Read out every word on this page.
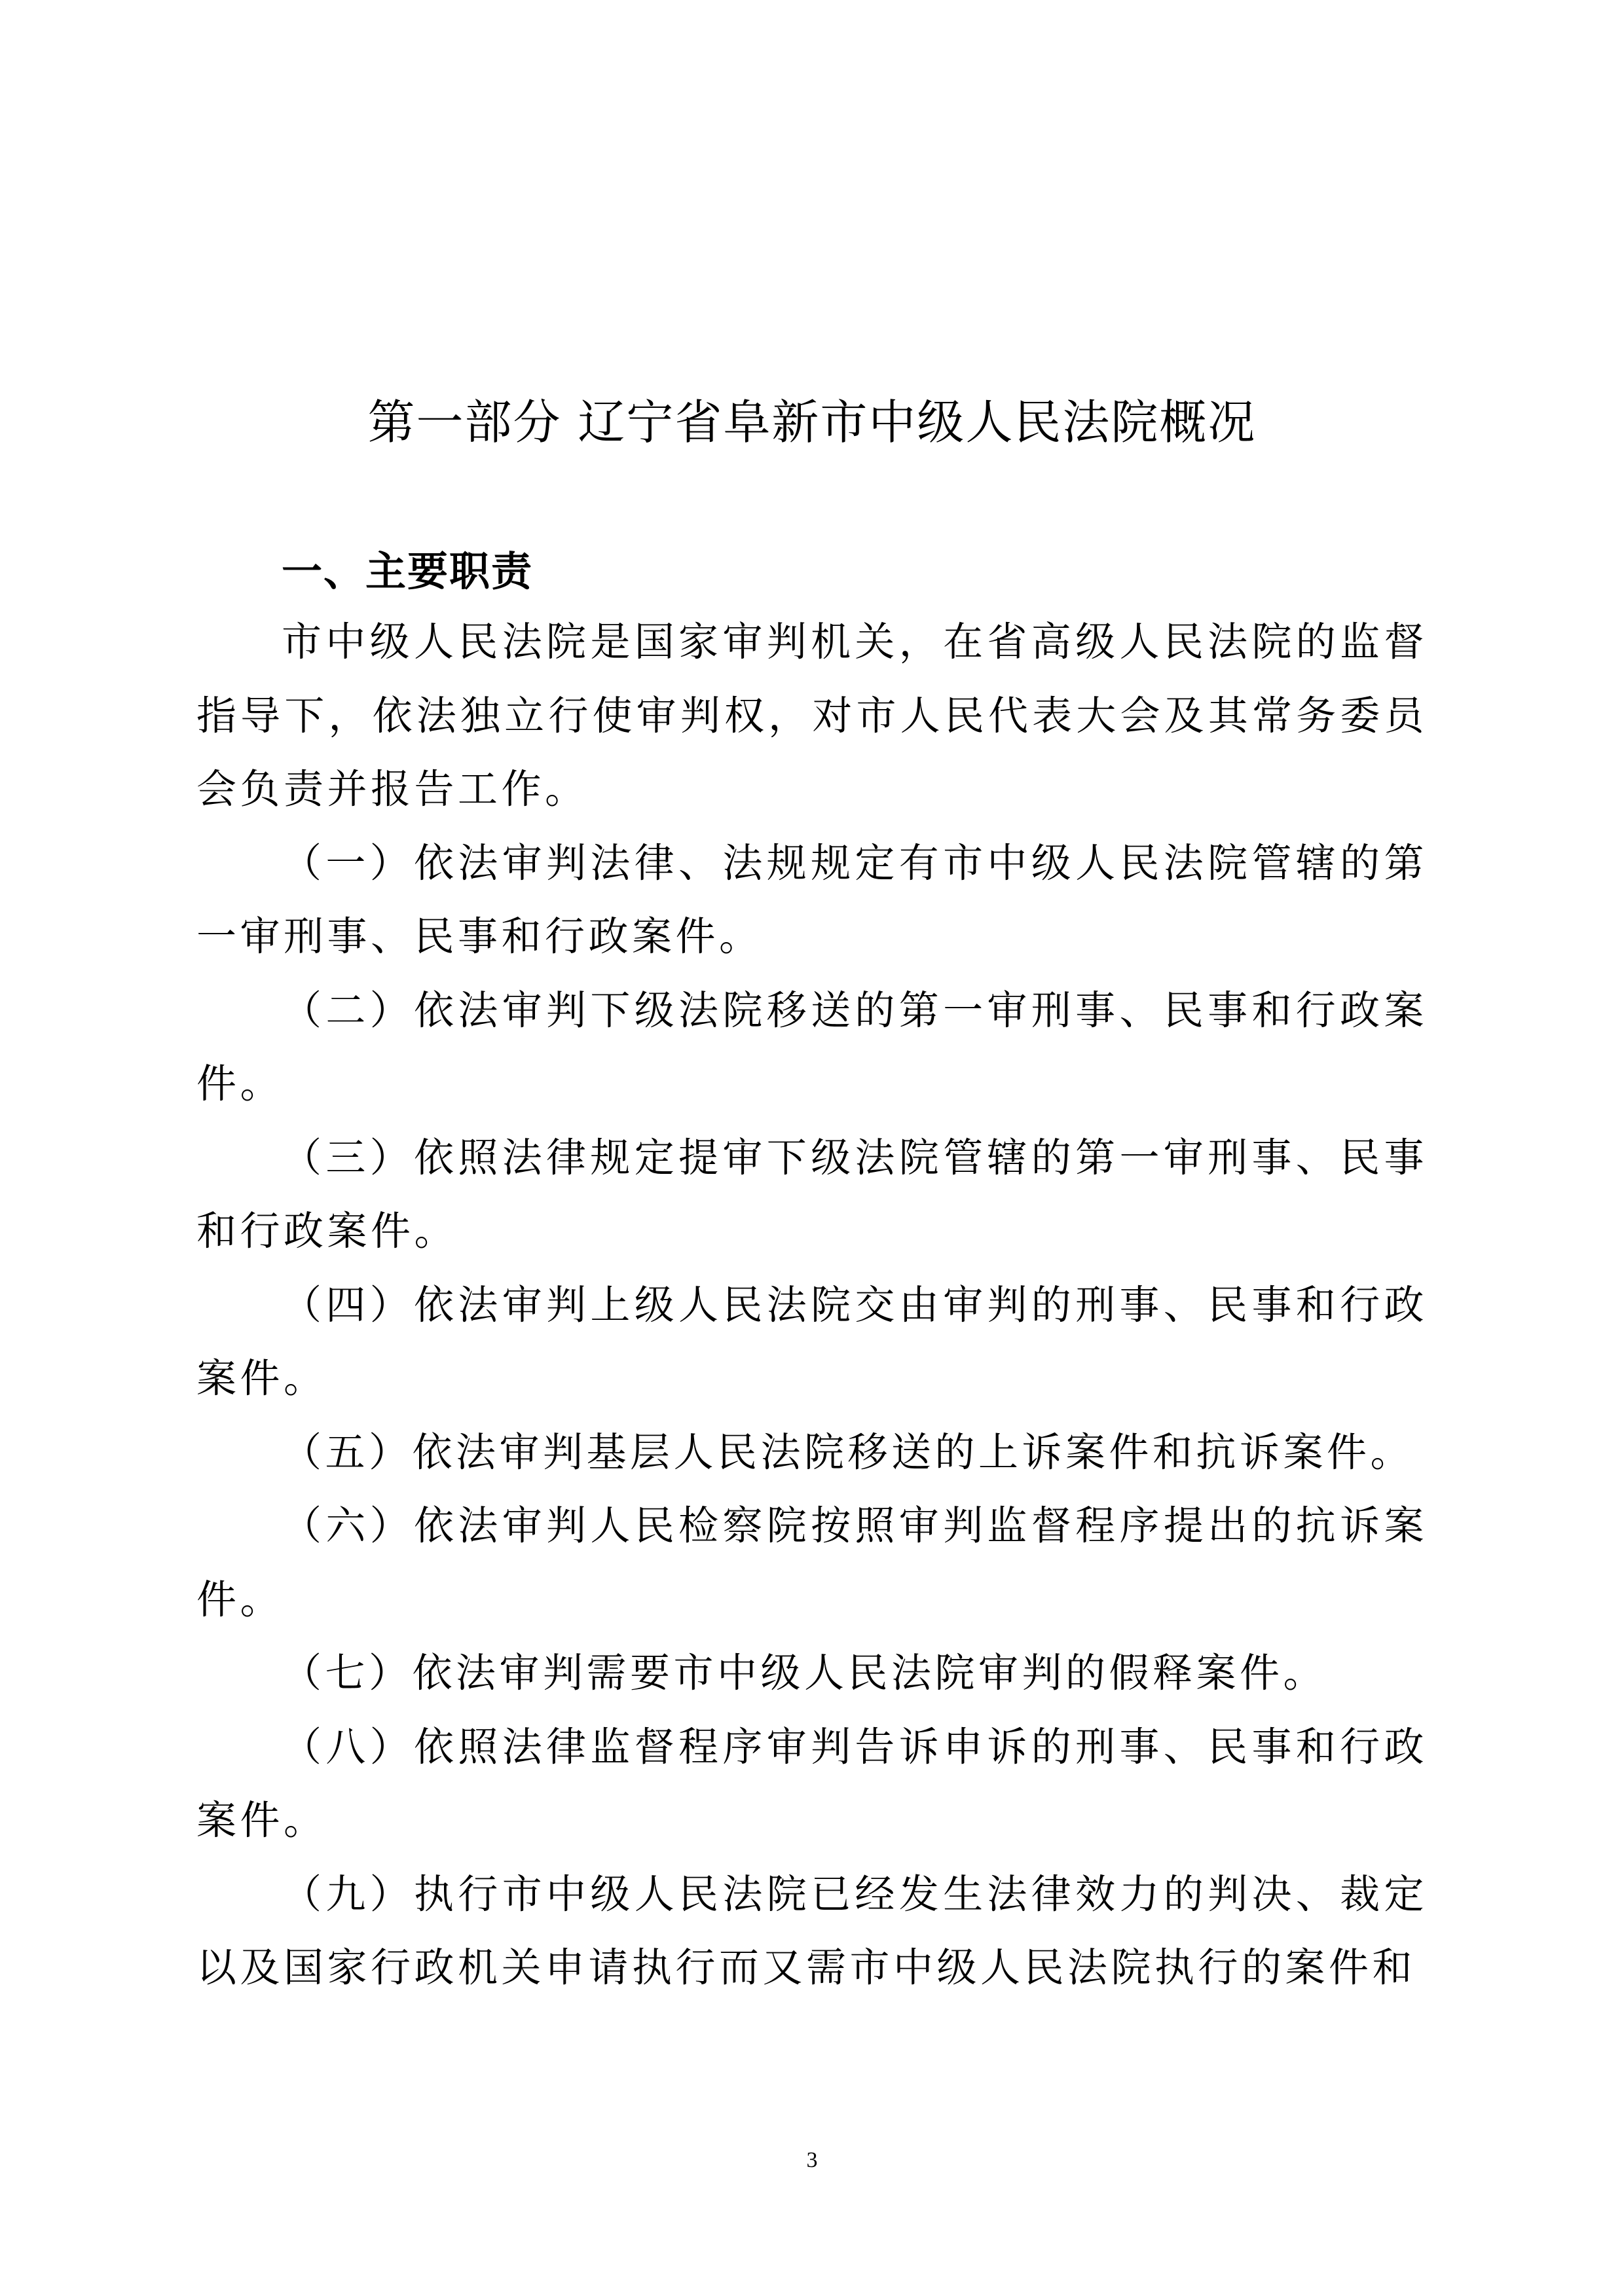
第一部分 辽宁省阜新市中级人民法院概况
一、主要职责

市中级人民法院是国家审判机关，在省高级人民法院的监督指导下，依法独立行使审判权，对市人民代表大会及其常务委员会负责并报告工作。

（一）依法审判法律、法规规定有市中级人民法院管辖的第一审刑事、民事和行政案件。

（二）依法审判下级法院移送的第一审刑事、民事和行政案件。

（三）依照法律规定提审下级法院管辖的第一审刑事、民事和行政案件。

（四）依法审判上级人民法院交由审判的刑事、民事和行政案件。

（五）依法审判基层人民法院移送的上诉案件和抗诉案件。

（六）依法审判人民检察院按照审判监督程序提出的抗诉案件。

（七）依法审判需要市中级人民法院审判的假释案件。

（八）依照法律监督程序审判告诉申诉的刑事、民事和行政案件。

（九）执行市中级人民法院已经发生法律效力的判决、裁定以及国家行政机关申请执行而又需市中级人民法院执行的案件和

3
